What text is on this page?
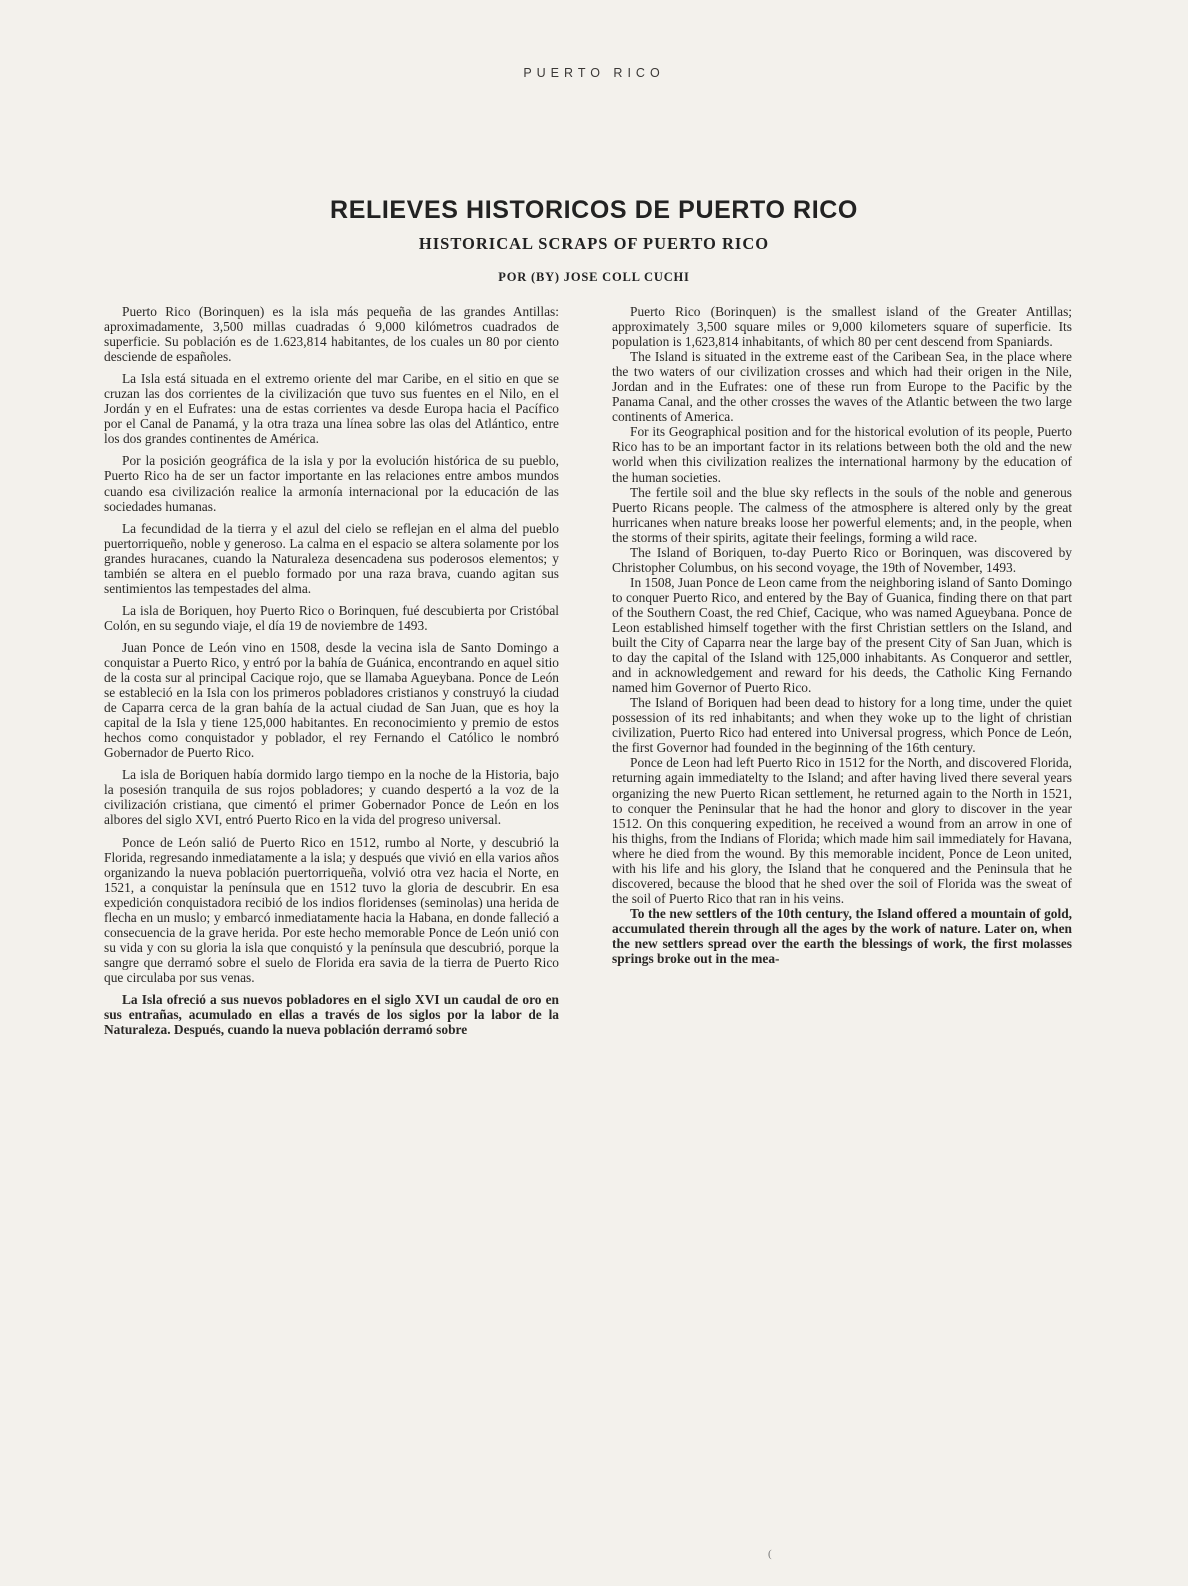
PUERTO RICO
RELIEVES HISTORICOS DE PUERTO RICO
HISTORICAL SCRAPS OF PUERTO RICO
POR (BY) JOSE COLL CUCHI

Puerto Rico (Borinquen) es la isla más pequeña de las grandes Antillas: aproximadamente, 3,500 millas cuadradas ó 9,000 kilómetros cuadrados de superficie. Su población es de 1.623,814 habitantes, de los cuales un 80 por ciento desciende de españoles.

La Isla está situada en el extremo oriente del mar Caribe, en el sitio en que se cruzan las dos corrientes de la civilización que tuvo sus fuentes en el Nilo, en el Jordán y en el Eufrates: una de estas corrientes va desde Europa hacia el Pacífico por el Canal de Panamá, y la otra traza una línea sobre las olas del Atlántico, entre los dos grandes continentes de América.

Por la posición geográfica de la isla y por la evolución histórica de su pueblo, Puerto Rico ha de ser un factor importante en las relaciones entre ambos mundos cuando esa civilización realice la armonía internacional por la educación de las sociedades humanas.

La fecundidad de la tierra y el azul del cielo se reflejan en el alma del pueblo puertorriqueño, noble y generoso. La calma en el espacio se altera solamente por los grandes huracanes, cuando la Naturaleza desencadena sus poderosos elementos; y también se altera en el pueblo formado por una raza brava, cuando agitan sus sentimientos las tempestades del alma.

La isla de Boriquen, hoy Puerto Rico o Borinquen, fué descubierta por Cristóbal Colón, en su segundo viaje, el día 19 de noviembre de 1493.

Juan Ponce de León vino en 1508, desde la vecina isla de Santo Domingo a conquistar a Puerto Rico, y entró por la bahía de Guánica, encontrando en aquel sitio de la costa sur al principal Cacique rojo, que se llamaba Agueybana. Ponce de León se estableció en la Isla con los primeros pobladores cristianos y construyó la ciudad de Caparra cerca de la gran bahía de la actual ciudad de San Juan, que es hoy la capital de la Isla y tiene 125,000 habitantes. En reconocimiento y premio de estos hechos como conquistador y poblador, el rey Fernando el Católico le nombró Gobernador de Puerto Rico.

La isla de Boriquen había dormido largo tiempo en la noche de la Historia, bajo la posesión tranquila de sus rojos pobladores; y cuando despertó a la voz de la civilización cristiana, que cimentó el primer Gobernador Ponce de León en los albores del siglo XVI, entró Puerto Rico en la vida del progreso universal.

Ponce de León salió de Puerto Rico en 1512, rumbo al Norte, y descubrió la Florida, regresando inmediatamente a la isla; y después que vivió en ella varios años organizando la nueva población puertorriqueña, volvió otra vez hacia el Norte, en 1521, a conquistar la península que en 1512 tuvo la gloria de descubrir. En esa expedición conquistadora recibió de los indios floridenses (seminolas) una herida de flecha en un muslo; y embarcó inmediatamente hacia la Habana, en donde falleció a consecuencia de la grave herida. Por este hecho memorable Ponce de León unió con su vida y con su gloria la isla que conquistó y la península que descubrió, porque la sangre que derramó sobre el suelo de Florida era savia de la tierra de Puerto Rico que circulaba por sus venas.

La Isla ofreció a sus nuevos pobladores en el siglo XVI un caudal de oro en sus entrañas, acumulado en ellas a través de los siglos por la labor de la Naturaleza. Después, cuando la nueva población derramó sobre

Puerto Rico (Borinquen) is the smallest island of the Greater Antillas; approximately 3,500 square miles or 9,000 kilometers square of superficie. Its population is 1,623,814 inhabitants, of which 80 per cent descend from Spaniards.

The Island is situated in the extreme east of the Caribean Sea, in the place where the two waters of our civilization crosses and which had their origen in the Nile, Jordan and in the Eufrates: one of these run from Europe to the Pacific by the Panama Canal, and the other crosses the waves of the Atlantic between the two large continents of America.

For its Geographical position and for the historical evolution of its people, Puerto Rico has to be an important factor in its relations between both the old and the new world when this civilization realizes the international harmony by the education of the human societies.

The fertile soil and the blue sky reflects in the souls of the noble and generous Puerto Ricans people. The calmess of the atmosphere is altered only by the great hurricanes when nature breaks loose her powerful elements; and, in the people, when the storms of their spirits, agitate their feelings, forming a wild race.

The Island of Boriquen, to-day Puerto Rico or Borinquen, was discovered by Christopher Columbus, on his second voyage, the 19th of November, 1493.

In 1508, Juan Ponce de Leon came from the neighboring island of Santo Domingo to conquer Puerto Rico, and entered by the Bay of Guanica, finding there on that part of the Southern Coast, the red Chief, Cacique, who was named Agueybana. Ponce de Leon established himself together with the first Christian settlers on the Island, and built the City of Caparra near the large bay of the present City of San Juan, which is to day the capital of the Island with 125,000 inhabitants. As Conqueror and settler, and in acknowledgement and reward for his deeds, the Catholic King Fernando named him Governor of Puerto Rico.

The Island of Boriquen had been dead to history for a long time, under the quiet possession of its red inhabitants; and when they woke up to the light of christian civilization, Puerto Rico had entered into Universal progress, which Ponce de León, the first Governor had founded in the beginning of the 16th century.

Ponce de Leon had left Puerto Rico in 1512 for the North, and discovered Florida, returning again immediatelty to the Island; and after having lived there several years organizing the new Puerto Rican settlement, he returned again to the North in 1521, to conquer the Peninsular that he had the honor and glory to discover in the year 1512. On this conquering expedition, he received a wound from an arrow in one of his thighs, from the Indians of Florida; which made him sail immediately for Havana, where he died from the wound. By this memorable incident, Ponce de Leon united, with his life and his glory, the Island that he conquered and the Peninsula that he discovered, because the blood that he shed over the soil of Florida was the sweat of the soil of Puerto Rico that ran in his veins.

To the new settlers of the 10th century, the Island offered a mountain of gold, accumulated therein through all the ages by the work of nature. Later on, when the new settlers spread over the earth the blessings of work, the first molasses springs broke out in the mea-

(
